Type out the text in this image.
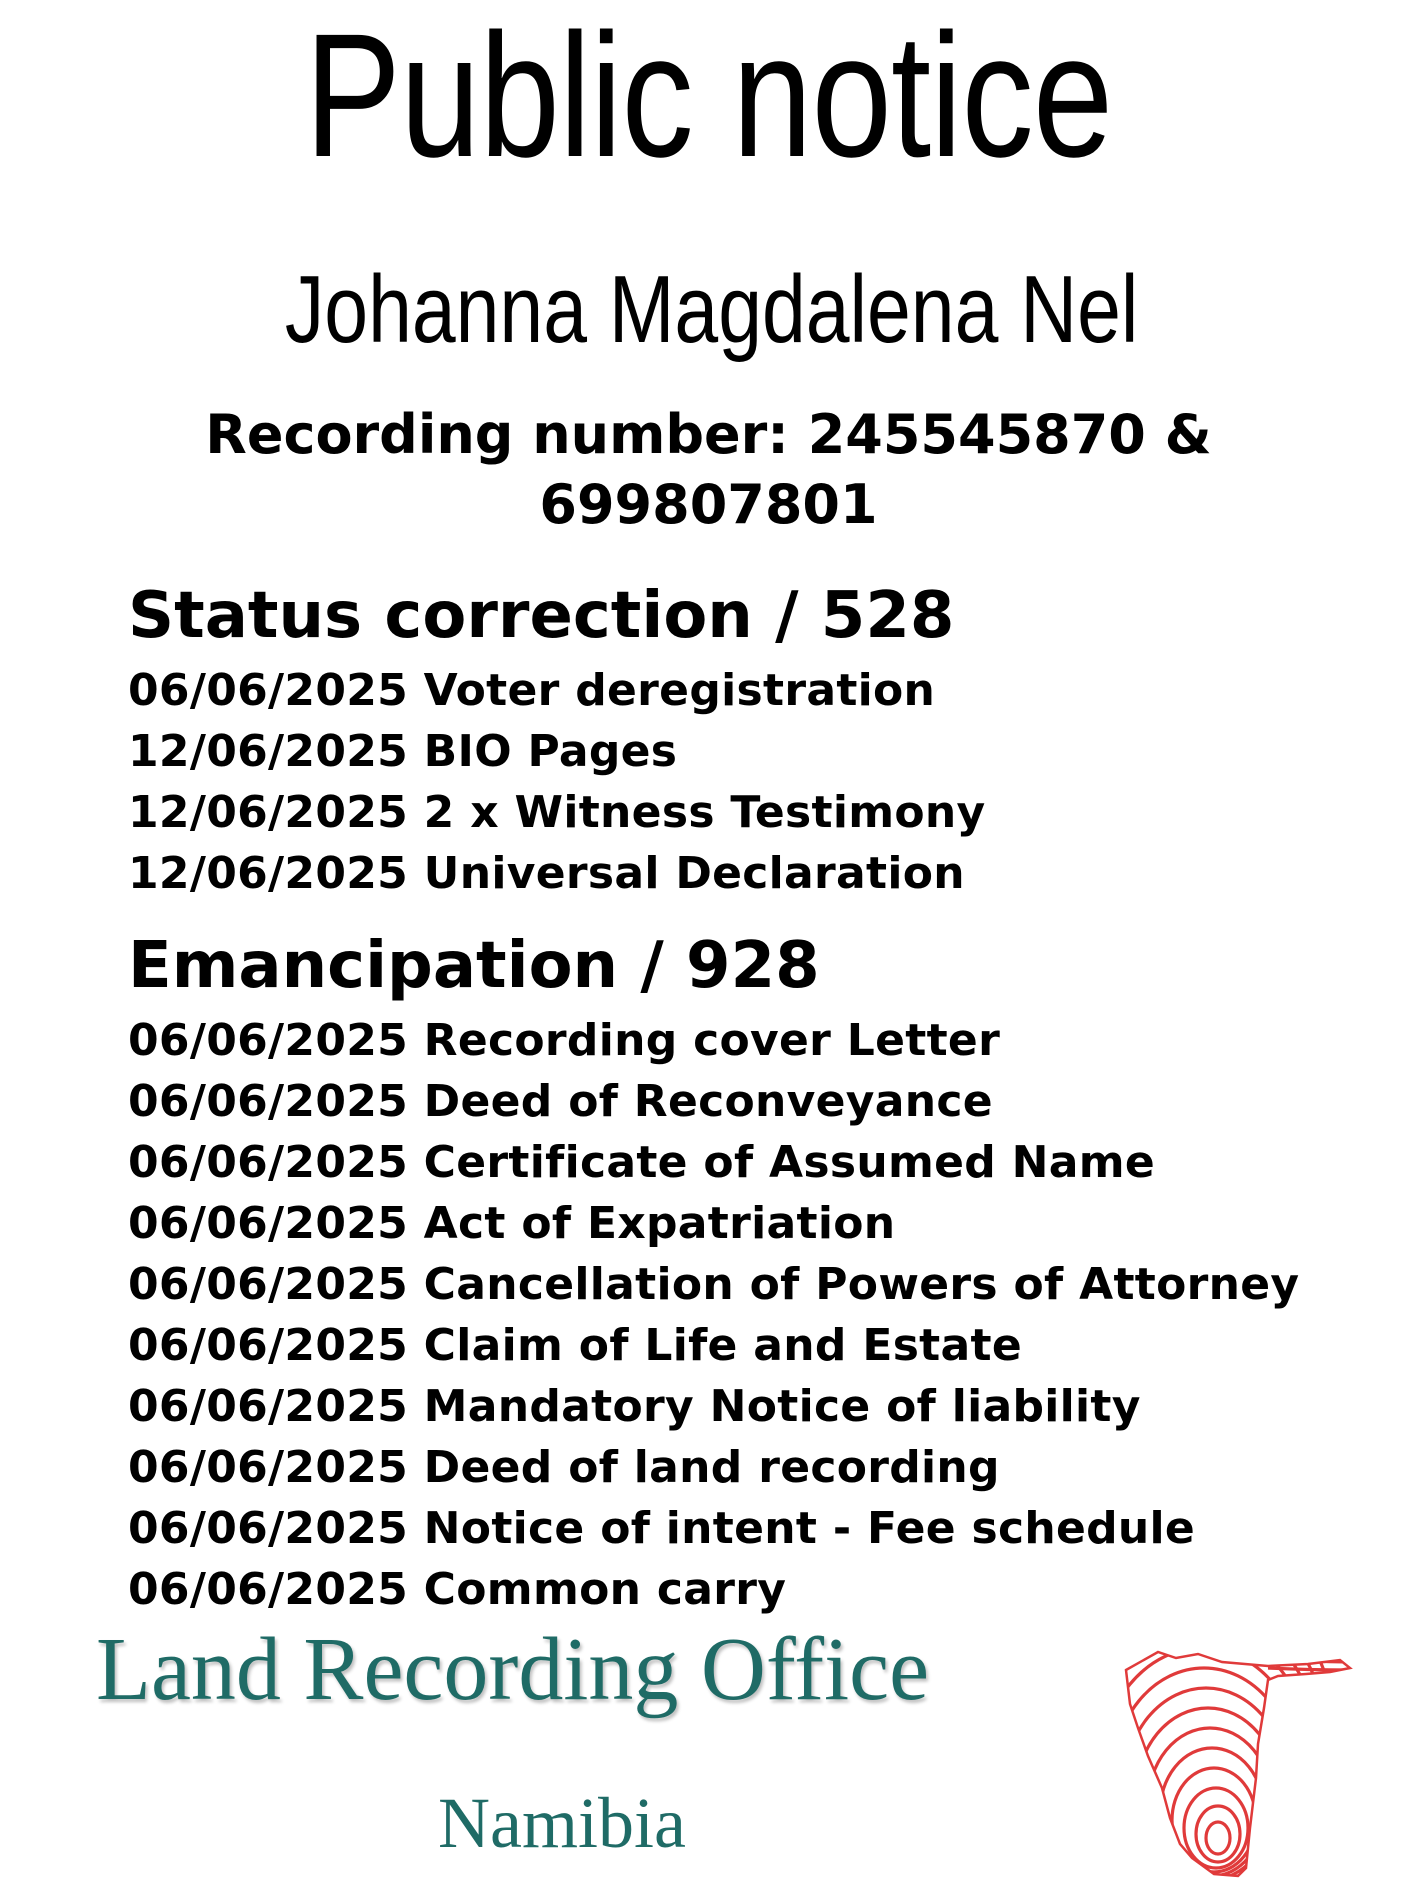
Public notice
Johanna Magdalena Nel
Recording number: 245545870 &
699807801
Status correction / 528
06/06/2025 Voter deregistration
12/06/2025 BIO Pages
12/06/2025 2 x Witness Testimony
12/06/2025 Universal Declaration
Emancipation / 928
06/06/2025 Recording cover Letter
06/06/2025 Deed of Reconveyance
06/06/2025 Certificate of Assumed Name
06/06/2025 Act of Expatriation
06/06/2025 Cancellation of Powers of Attorney
06/06/2025 Claim of Life and Estate
06/06/2025 Mandatory Notice of liability
06/06/2025 Deed of land recording
06/06/2025 Notice of intent - Fee schedule
06/06/2025 Common carry
Land Recording Office
Namibia
